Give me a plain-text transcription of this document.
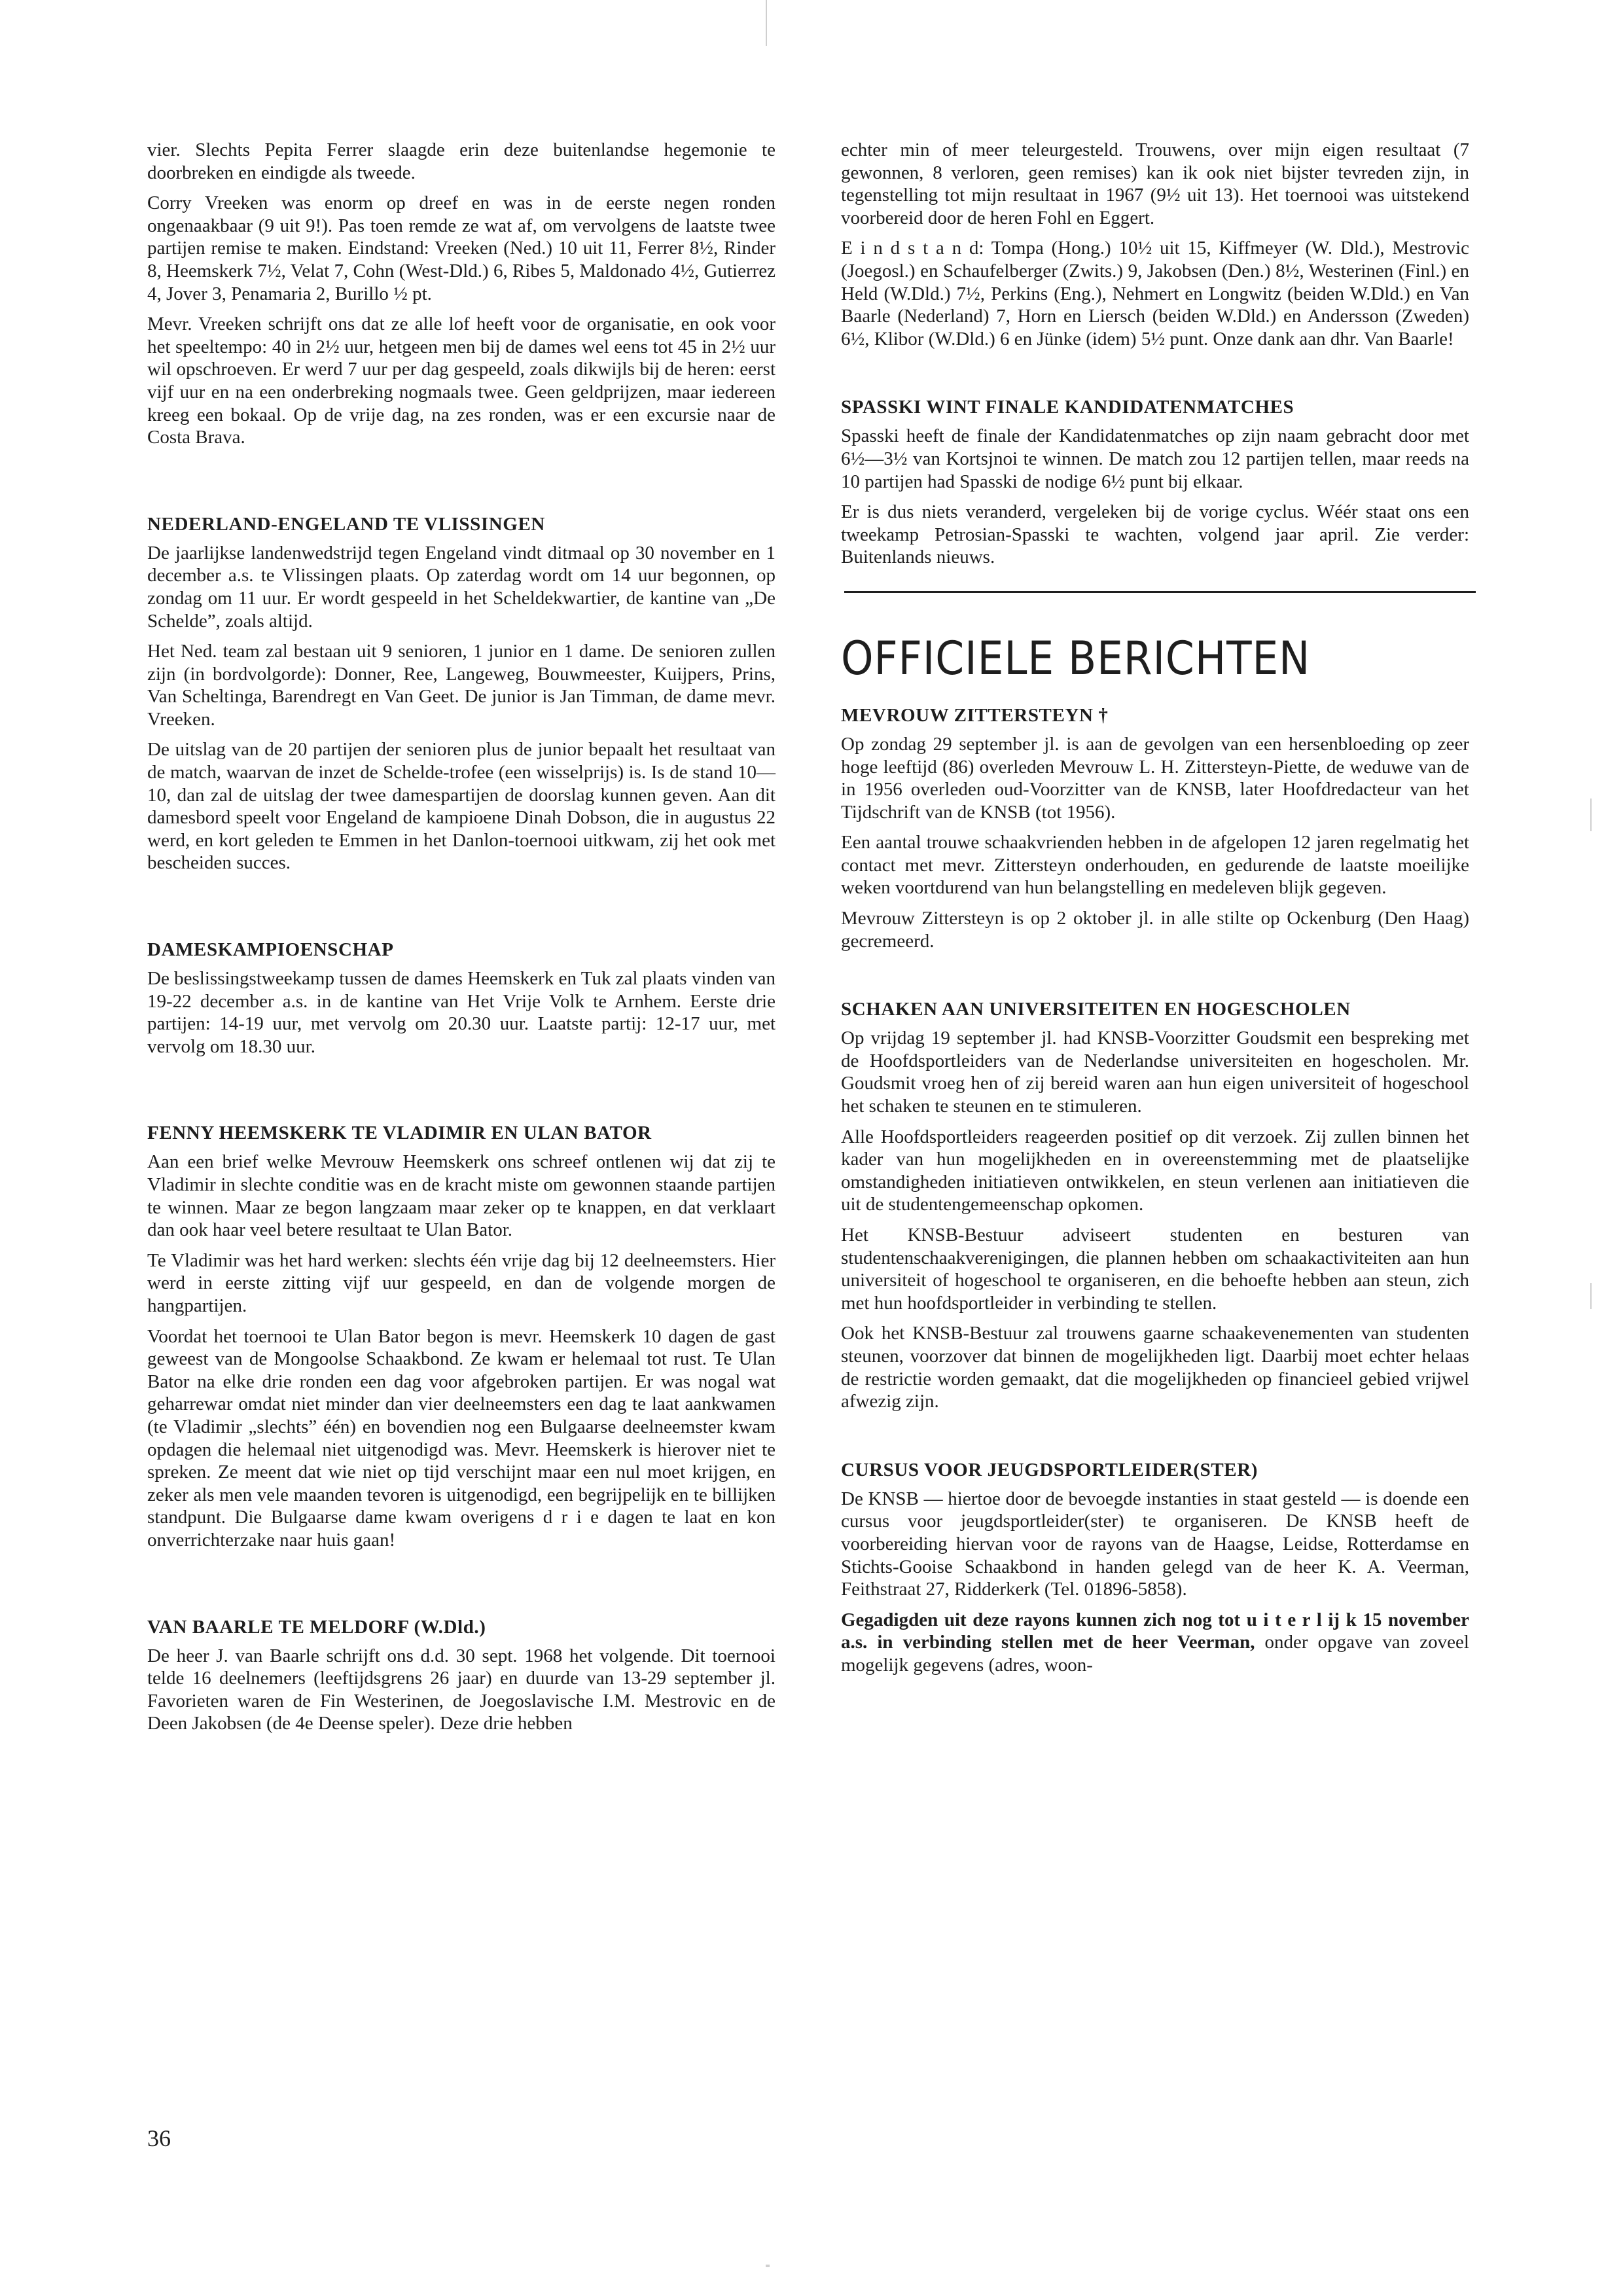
vier. Slechts Pepita Ferrer slaagde erin deze buitenlandse hegemonie te doorbreken en eindigde als tweede.

Corry Vreeken was enorm op dreef en was in de eerste negen ronden ongenaakbaar (9 uit 9!). Pas toen remde ze wat af, om vervolgens de laatste twee partijen remise te maken. Eindstand: Vreeken (Ned.) 10 uit 11, Ferrer 8½, Rinder 8, Heemskerk 7½, Velat 7, Cohn (West-Dld.) 6, Ribes 5, Maldonado 4½, Gutierrez 4, Jover 3, Penamaria 2, Burillo ½ pt.

Mevr. Vreeken schrijft ons dat ze alle lof heeft voor de organisatie, en ook voor het speeltempo: 40 in 2½ uur, hetgeen men bij de dames wel eens tot 45 in 2½ uur wil opschroeven. Er werd 7 uur per dag gespeeld, zoals dikwijls bij de heren: eerst vijf uur en na een onderbreking nogmaals twee. Geen geldprijzen, maar iedereen kreeg een bokaal. Op de vrije dag, na zes ronden, was er een excursie naar de Costa Brava.

NEDERLAND-ENGELAND TE VLISSINGEN

De jaarlijkse landenwedstrijd tegen Engeland vindt ditmaal op 30 november en 1 december a.s. te Vlissingen plaats. Op zaterdag wordt om 14 uur begonnen, op zondag om 11 uur. Er wordt gespeeld in het Scheldekwartier, de kantine van „De Schelde”, zoals altijd.

Het Ned. team zal bestaan uit 9 senioren, 1 junior en 1 dame. De senioren zullen zijn (in bordvolgorde): Donner, Ree, Langeweg, Bouwmeester, Kuijpers, Prins, Van Scheltinga, Barendregt en Van Geet. De junior is Jan Timman, de dame mevr. Vreeken.

De uitslag van de 20 partijen der senioren plus de junior bepaalt het resultaat van de match, waarvan de inzet de Schelde-trofee (een wisselprijs) is. Is de stand 10—10, dan zal de uitslag der twee damespartijen de doorslag kunnen geven. Aan dit damesbord speelt voor Engeland de kampioene Dinah Dobson, die in augustus 22 werd, en kort geleden te Emmen in het Danlon-toernooi uitkwam, zij het ook met bescheiden succes.

DAMESKAMPIOENSCHAP

De beslissingstweekamp tussen de dames Heemskerk en Tuk zal plaats vinden van 19-22 december a.s. in de kantine van Het Vrije Volk te Arnhem. Eerste drie partijen: 14-19 uur, met vervolg om 20.30 uur. Laatste partij: 12-17 uur, met vervolg om 18.30 uur.

FENNY HEEMSKERK TE VLADIMIR EN ULAN BATOR

Aan een brief welke Mevrouw Heemskerk ons schreef ontlenen wij dat zij te Vladimir in slechte conditie was en de kracht miste om gewonnen staande partijen te winnen. Maar ze begon langzaam maar zeker op te knappen, en dat verklaart dan ook haar veel betere resultaat te Ulan Bator.

Te Vladimir was het hard werken: slechts één vrije dag bij 12 deelneemsters. Hier werd in eerste zitting vijf uur gespeeld, en dan de volgende morgen de hangpartijen.

Voordat het toernooi te Ulan Bator begon is mevr. Heemskerk 10 dagen de gast geweest van de Mongoolse Schaakbond. Ze kwam er helemaal tot rust. Te Ulan Bator na elke drie ronden een dag voor afgebroken partijen. Er was nogal wat geharrewar omdat niet minder dan vier deelneemsters een dag te laat aankwamen (te Vladimir „slechts” één) en bovendien nog een Bulgaarse deelneemster kwam opdagen die helemaal niet uitgenodigd was. Mevr. Heemskerk is hierover niet te spreken. Ze meent dat wie niet op tijd verschijnt maar een nul moet krijgen, en zeker als men vele maanden tevoren is uitgenodigd, een begrijpelijk en te billijken standpunt. Die Bulgaarse dame kwam overigens d r i e dagen te laat en kon onverrichterzake naar huis gaan!

VAN BAARLE TE MELDORF (W.Dld.)

De heer J. van Baarle schrijft ons d.d. 30 sept. 1968 het volgende. Dit toernooi telde 16 deelnemers (leeftijdsgrens 26 jaar) en duurde van 13-29 september jl. Favorieten waren de Fin Westerinen, de Joegoslavische I.M. Mestrovic en de Deen Jakobsen (de 4e Deense speler). Deze drie hebben

echter min of meer teleurgesteld. Trouwens, over mijn eigen resultaat (7 gewonnen, 8 verloren, geen remises) kan ik ook niet bijster tevreden zijn, in tegenstelling tot mijn resultaat in 1967 (9½ uit 13). Het toernooi was uitstekend voorbereid door de heren Fohl en Eggert.

E i n d s t a n d: Tompa (Hong.) 10½ uit 15, Kiffmeyer (W. Dld.), Mestrovic (Joegosl.) en Schaufelberger (Zwits.) 9, Jakobsen (Den.) 8½, Westerinen (Finl.) en Held (W.Dld.) 7½, Perkins (Eng.), Nehmert en Longwitz (beiden W.Dld.) en Van Baarle (Nederland) 7, Horn en Liersch (beiden W.Dld.) en Andersson (Zweden) 6½, Klibor (W.Dld.) 6 en Jünke (idem) 5½ punt. Onze dank aan dhr. Van Baarle!

SPASSKI WINT FINALE KANDIDATENMATCHES

Spasski heeft de finale der Kandidatenmatches op zijn naam gebracht door met 6½—3½ van Kortsjnoi te winnen. De match zou 12 partijen tellen, maar reeds na 10 partijen had Spasski de nodige 6½ punt bij elkaar.

Er is dus niets veranderd, vergeleken bij de vorige cyclus. Wéér staat ons een tweekamp Petrosian-Spasski te wachten, volgend jaar april. Zie verder: Buitenlands nieuws.

OFFICIELE BERICHTEN
MEVROUW ZITTERSTEYN †

Op zondag 29 september jl. is aan de gevolgen van een hersenbloeding op zeer hoge leeftijd (86) overleden Mevrouw L. H. Zittersteyn-Piette, de weduwe van de in 1956 overleden oud-Voorzitter van de KNSB, later Hoofdredacteur van het Tijdschrift van de KNSB (tot 1956).

Een aantal trouwe schaakvrienden hebben in de afgelopen 12 jaren regelmatig het contact met mevr. Zittersteyn onderhouden, en gedurende de laatste moeilijke weken voortdurend van hun belangstelling en medeleven blijk gegeven.

Mevrouw Zittersteyn is op 2 oktober jl. in alle stilte op Ockenburg (Den Haag) gecremeerd.

SCHAKEN AAN UNIVERSITEITEN EN HOGESCHOLEN

Op vrijdag 19 september jl. had KNSB-Voorzitter Goudsmit een bespreking met de Hoofdsportleiders van de Nederlandse universiteiten en hogescholen. Mr. Goudsmit vroeg hen of zij bereid waren aan hun eigen universiteit of hogeschool het schaken te steunen en te stimuleren.

Alle Hoofdsportleiders reageerden positief op dit verzoek. Zij zullen binnen het kader van hun mogelijkheden en in overeenstemming met de plaatselijke omstandigheden initiatieven ontwikkelen, en steun verlenen aan initiatieven die uit de studentengemeenschap opkomen.

Het KNSB-Bestuur adviseert studenten en besturen van studentenschaakverenigingen, die plannen hebben om schaakactiviteiten aan hun universiteit of hogeschool te organiseren, en die behoefte hebben aan steun, zich met hun hoofdsportleider in verbinding te stellen.

Ook het KNSB-Bestuur zal trouwens gaarne schaakevenementen van studenten steunen, voorzover dat binnen de mogelijkheden ligt. Daarbij moet echter helaas de restrictie worden gemaakt, dat die mogelijkheden op financieel gebied vrijwel afwezig zijn.

CURSUS VOOR JEUGDSPORTLEIDER(STER)

De KNSB — hiertoe door de bevoegde instanties in staat gesteld — is doende een cursus voor jeugdsportleider(ster) te organiseren. De KNSB heeft de voorbereiding hiervan voor de rayons van de Haagse, Leidse, Rotterdamse en Stichts-Gooise Schaakbond in handen gelegd van de heer K. A. Veerman, Feithstraat 27, Ridderkerk (Tel. 01896-5858).

Gegadigden uit deze rayons kunnen zich nog tot u i t e r l ij k 15 november a.s. in verbinding stellen met de heer Veerman, onder opgave van zoveel mogelijk gegevens (adres, woon-

36
